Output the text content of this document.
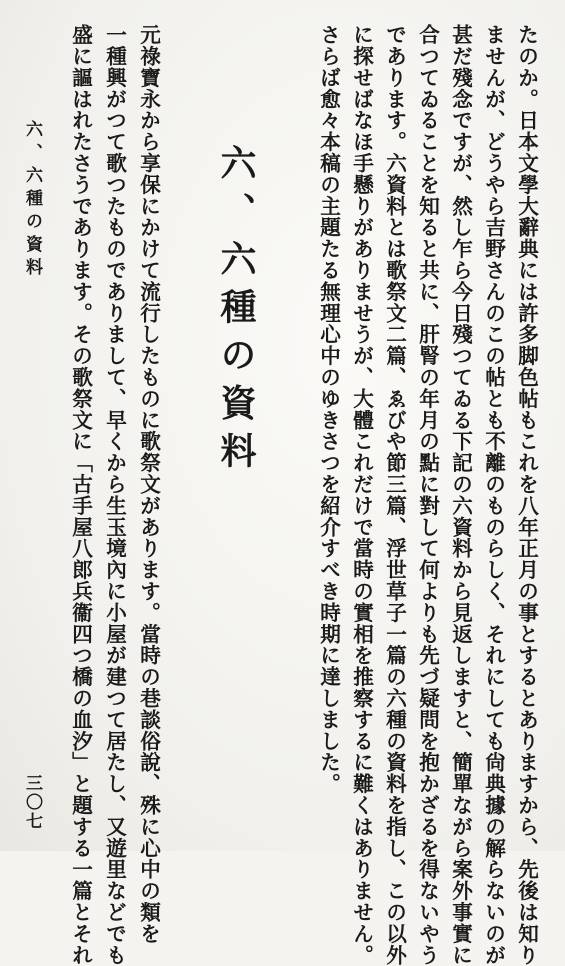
たのか。日本文學大辭典には許多脚色帖もこれを八年正月の事とするとありますから、先後は知り
ませんが、どうやら吉野さんのこの帖とも不離のものらしく、それにしても尙典據の解らないのが
甚だ殘念ですが、然し乍ら今日殘つてゐる下記の六資料から見返しますと、簡單ながら案外事實に
合つてゐることを知ると共に、肝腎の年月の點に對して何よりも先づ疑問を抱かざるを得ないやう
であります。六資料とは歌祭文二篇、ゑびや節三篇、浮世草子一篇の六種の資料を指し、この以外
に探せばなほ手懸りがありませうが、大體これだけで當時の實相を推察するに難くはありません。
さらば愈々本稿の主題たる無理心中のゆきさつを紹介すべき時期に達しました。
六、六種の資料
元祿寶永から享保にかけて流行したものに歌祭文があります。當時の巷談俗說、殊に心中の類を
一種興がつて歌つたものでありまして、早くから生玉境內に小屋が建つて居たし、又遊里などでも
盛に謳はれたさうであります。その歌祭文に「古手屋八郎兵衞四つ橋の血汐」と題する一篇とそれ
六、六種の資料
三〇七
